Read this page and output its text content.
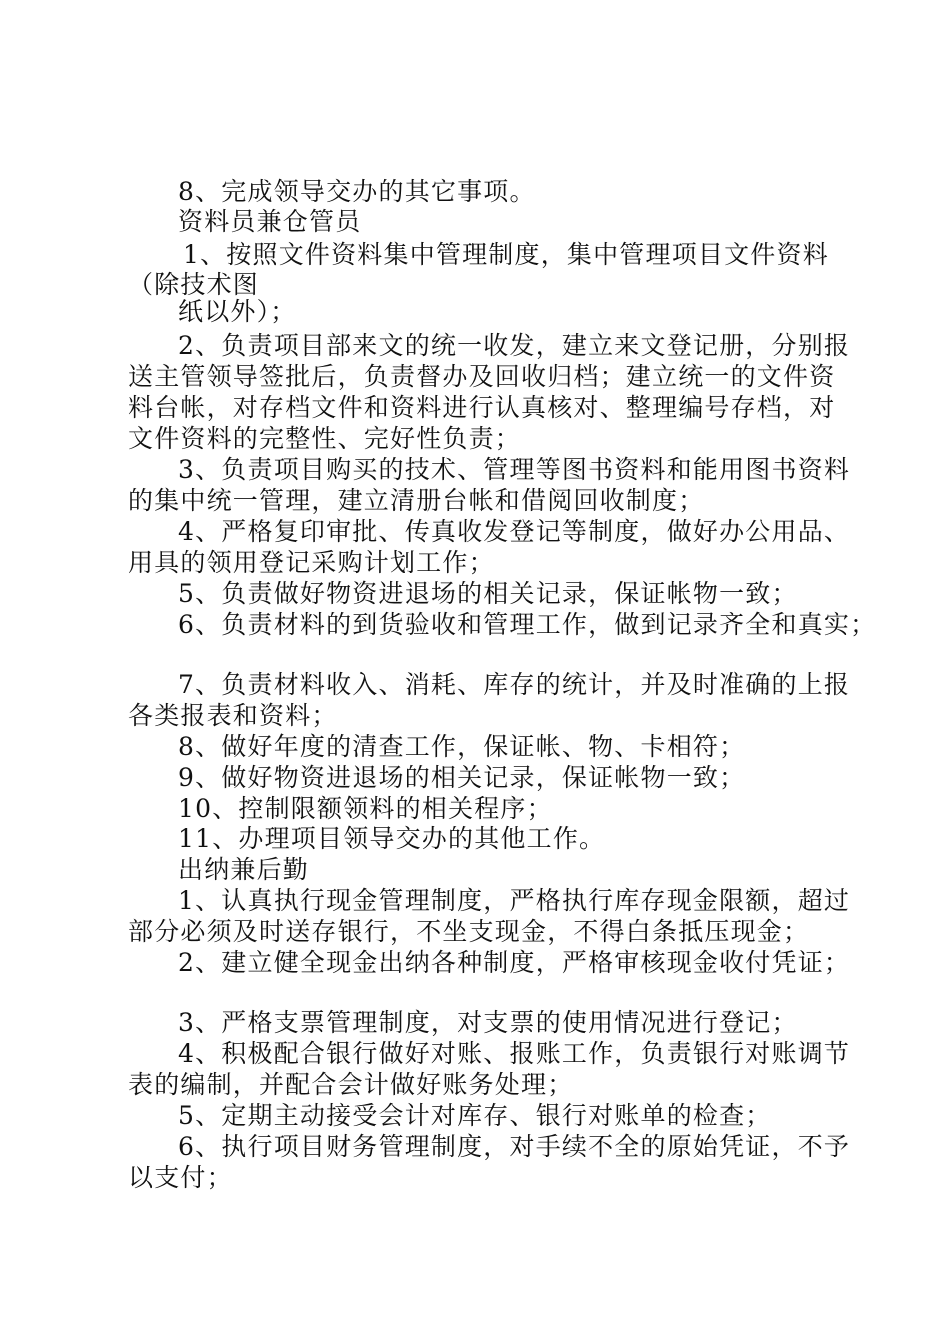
8、完成领导交办的其它事项。
资料员兼仓管员
1、按照文件资料集中管理制度，集中管理项目文件资料
（除技术图
纸以外）；
2、负责项目部来文的统一收发，建立来文登记册，分别报
送主管领导签批后，负责督办及回收归档；建立统一的文件资
料台帐，对存档文件和资料进行认真核对、整理编号存档，对
文件资料的完整性、完好性负责；
3、负责项目购买的技术、管理等图书资料和能用图书资料
的集中统一管理，建立清册台帐和借阅回收制度；
4、严格复印审批、传真收发登记等制度，做好办公用品、
用具的领用登记采购计划工作；
5、负责做好物资进退场的相关记录，保证帐物一致；
6、负责材料的到货验收和管理工作，做到记录齐全和真实；
7、负责材料收入、消耗、库存的统计，并及时准确的上报
各类报表和资料；
8、做好年度的清查工作，保证帐、物、卡相符；
9、做好物资进退场的相关记录，保证帐物一致；
10、控制限额领料的相关程序；
11、办理项目领导交办的其他工作。
出纳兼后勤
1、认真执行现金管理制度，严格执行库存现金限额，超过
部分必须及时送存银行，不坐支现金，不得白条抵压现金；
2、建立健全现金出纳各种制度，严格审核现金收付凭证；
3、严格支票管理制度，对支票的使用情况进行登记；
4、积极配合银行做好对账、报账工作，负责银行对账调节
表的编制，并配合会计做好账务处理；
5、定期主动接受会计对库存、银行对账单的检查；
6、执行项目财务管理制度，对手续不全的原始凭证，不予
以支付；
